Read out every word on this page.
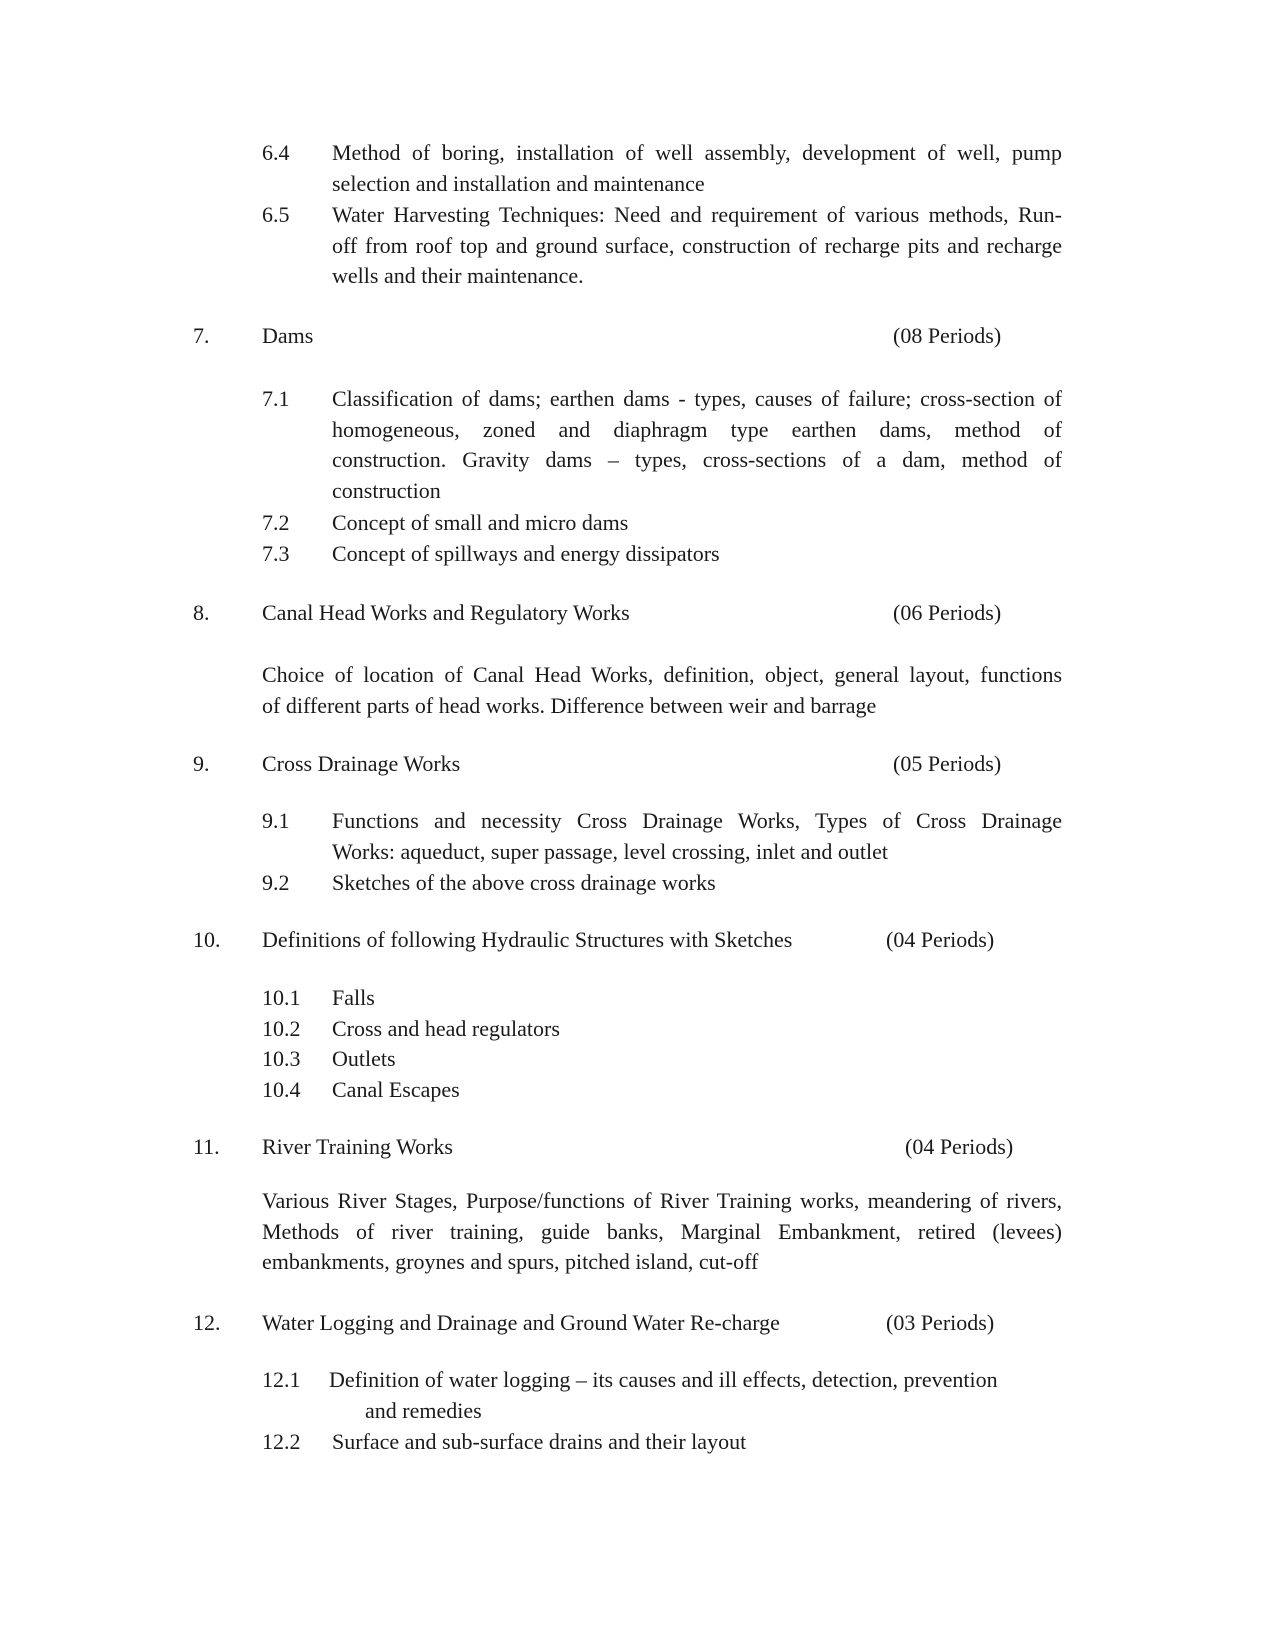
6.4 Method of boring, installation of well assembly, development of well, pump
selection and installation and maintenance
6.5 Water Harvesting Techniques: Need and requirement of various methods, Run-
off from roof top and ground surface, construction of recharge pits and recharge
wells and their maintenance.
7. Dams	(08 Periods)
7.1 Classification of dams; earthen dams - types, causes of failure; cross-section of
homogeneous, zoned and diaphragm type earthen dams, method of
construction. Gravity dams – types, cross-sections of a dam, method of
construction
7.2 Concept of small and micro dams
7.3 Concept of spillways and energy dissipators
8. Canal Head Works and Regulatory Works	(06 Periods)
Choice of location of Canal Head Works, definition, object, general layout, functions
of different parts of head works. Difference between weir and barrage
9. Cross Drainage Works	(05 Periods)
9.1 Functions and necessity Cross Drainage Works, Types of Cross Drainage
Works: aqueduct, super passage, level crossing, inlet and outlet
9.2 Sketches of the above cross drainage works
10. Definitions of following Hydraulic Structures with Sketches	(04 Periods)
10.1 Falls
10.2 Cross and head regulators
10.3 Outlets
10.4 Canal Escapes
11. River Training Works	(04 Periods)
Various River Stages, Purpose/functions of River Training works, meandering of rivers,
Methods of river training, guide banks, Marginal Embankment, retired (levees)
embankments, groynes and spurs, pitched island, cut-off
12. Water Logging and Drainage and Ground Water Re-charge	(03 Periods)
12.1 Definition of water logging – its causes and ill effects, detection, prevention
and remedies
12.2 Surface and sub-surface drains and their layout
